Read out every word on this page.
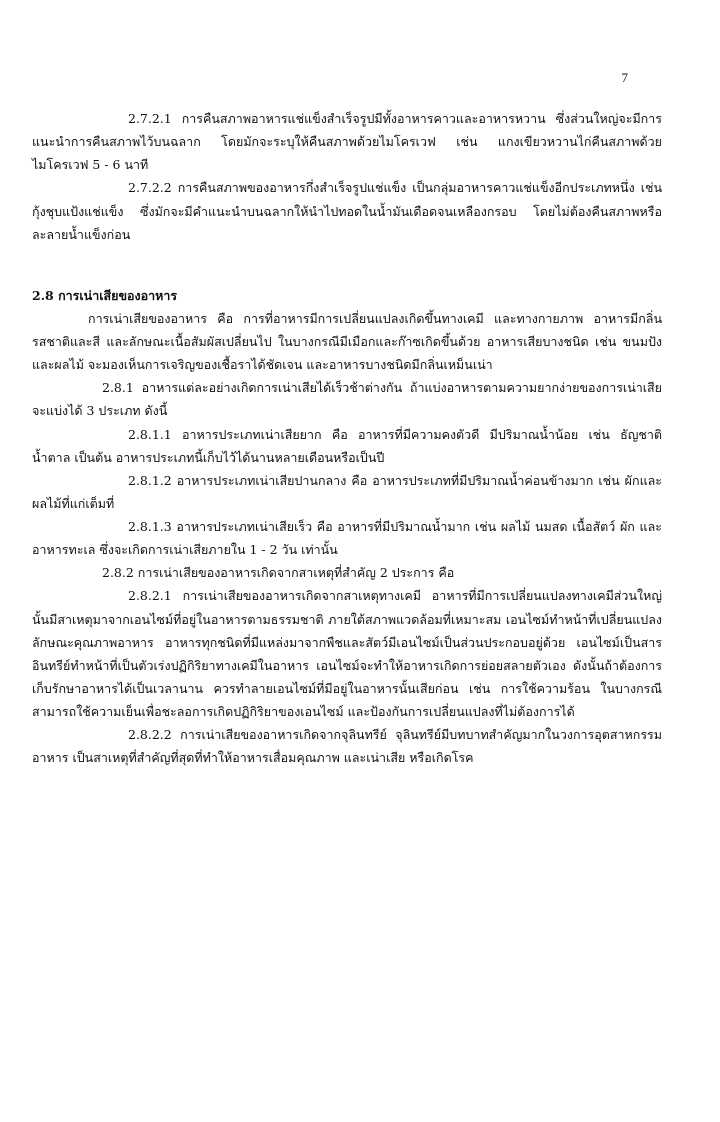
7

2.7.2.1 การคืนสภาพอาหารแช่แข็งสำเร็จรูปมีทั้งอาหารคาวและอาหารหวาน ซึ่งส่วนใหญ่จะมีการแนะนำการคืนสภาพไว้บนฉลาก โดยมักจะระบุให้คืนสภาพด้วยไมโครเวฟ เช่น แกงเขียวหวานไก่คืนสภาพด้วยไมโครเวฟ 5 - 6 นาที

2.7.2.2 การคืนสภาพของอาหารกึ่งสำเร็จรูปแช่แข็ง เป็นกลุ่มอาหารคาวแช่แข็งอีกประเภทหนึ่ง เช่น กุ้งชุบแป้งแช่แข็ง ซึ่งมักจะมีคำแนะนำบนฉลากให้นำไปทอดในน้ำมันเดือดจนเหลืองกรอบ โดยไม่ต้องคืนสภาพหรือละลายน้ำแข็งก่อน

2.8 การเน่าเสียของอาหาร

การเน่าเสียของอาหาร คือ การที่อาหารมีการเปลี่ยนแปลงเกิดขึ้นทางเคมี และทางกายภาพ อาหารมีกลิ่น รสชาติและสี และลักษณะเนื้อสัมผัสเปลี่ยนไป ในบางกรณีมีเมือกและก๊าซเกิดขึ้นด้วย อาหารเสียบางชนิด เช่น ขนมปัง และผลไม้ จะมองเห็นการเจริญของเชื้อราได้ชัดเจน และอาหารบางชนิดมีกลิ่นเหม็นเน่า

2.8.1 อาหารแต่ละอย่างเกิดการเน่าเสียได้เร็วช้าต่างกัน ถ้าแบ่งอาหารตามความยากง่ายของการเน่าเสีย จะแบ่งได้ 3 ประเภท ดังนี้

2.8.1.1 อาหารประเภทเน่าเสียยาก คือ อาหารที่มีความคงตัวดี มีปริมาณน้ำน้อย เช่น ธัญชาติ น้ำตาล เป็นต้น อาหารประเภทนี้เก็บไว้ได้นานหลายเดือนหรือเป็นปี

2.8.1.2 อาหารประเภทเน่าเสียปานกลาง คือ อาหารประเภทที่มีปริมาณน้ำค่อนข้างมาก เช่น ผักและผลไม้ที่แก่เต็มที่

2.8.1.3 อาหารประเภทเน่าเสียเร็ว คือ อาหารที่มีปริมาณน้ำมาก เช่น ผลไม้ นมสด เนื้อสัตว์ ผัก และอาหารทะเล ซึ่งจะเกิดการเน่าเสียภายใน 1 - 2 วัน เท่านั้น

2.8.2 การเน่าเสียของอาหารเกิดจากสาเหตุที่สำคัญ 2 ประการ คือ

2.8.2.1 การเน่าเสียของอาหารเกิดจากสาเหตุทางเคมี อาหารที่มีการเปลี่ยนแปลงทางเคมีส่วนใหญ่นั้นมีสาเหตุมาจากเอนไซม์ที่อยู่ในอาหารตามธรรมชาติ ภายใต้สภาพแวดล้อมที่เหมาะสม เอนไซม์ทำหน้าที่เปลี่ยนแปลงลักษณะคุณภาพอาหาร อาหารทุกชนิดที่มีแหล่งมาจากพืชและสัตว์มีเอนไซม์เป็นส่วนประกอบอยู่ด้วย เอนไซม์เป็นสารอินทรีย์ทำหน้าที่เป็นตัวเร่งปฏิกิริยาทางเคมีในอาหาร เอนไซม์จะทำให้อาหารเกิดการย่อยสลายตัวเอง ดังนั้นถ้าต้องการเก็บรักษาอาหารได้เป็นเวลานาน ควรทำลายเอนไซม์ที่มีอยู่ในอาหารนั้นเสียก่อน เช่น การใช้ความร้อน ในบางกรณีสามารถใช้ความเย็นเพื่อชะลอการเกิดปฏิกิริยาของเอนไซม์ และป้องกันการเปลี่ยนแปลงที่ไม่ต้องการได้

2.8.2.2 การเน่าเสียของอาหารเกิดจากจุลินทรีย์ จุลินทรีย์มีบทบาทสำคัญมากในวงการอุตสาหกรรมอาหาร เป็นสาเหตุที่สำคัญที่สุดที่ทำให้อาหารเสื่อมคุณภาพ และเน่าเสีย หรือเกิดโรค
